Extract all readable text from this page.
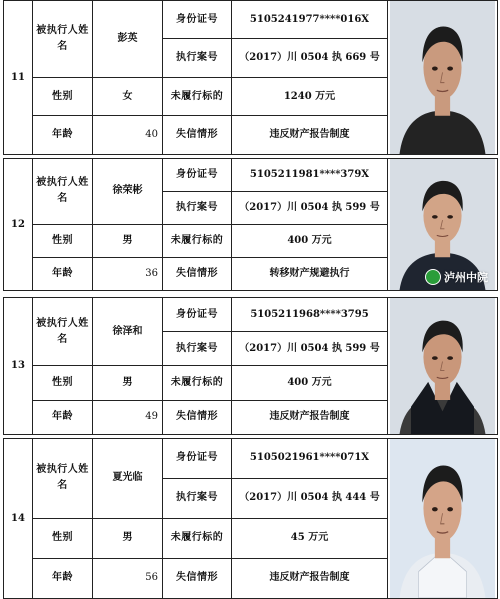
11	被执行人姓名	彭英	身份证号	5105241977****016X	

			执行案号	（2017）川 0504 执 669 号	
	性别	女	未履行标的	1240 万元	
	年龄	40	失信情形	违反财产报告制度	
12	被执行人姓名	徐荣彬	身份证号	5105211981****379X	

			执行案号	（2017）川 0504 执 599 号	
	性别	男	未履行标的	400 万元	
	年龄	36	失信情形	转移财产规避执行		泸州中院
13	被执行人姓名	徐泽和	身份证号	5105211968****3795	

			执行案号	（2017）川 0504 执 599 号	
	性别	男	未履行标的	400 万元	
	年龄	49	失信情形	违反财产报告制度	
14	被执行人姓名	夏光临	身份证号	5105021961****071X	

			执行案号	（2017）川 0504 执 444 号	
	性别	男	未履行标的	45 万元	
	年龄	56	失信情形	违反财产报告制度	
